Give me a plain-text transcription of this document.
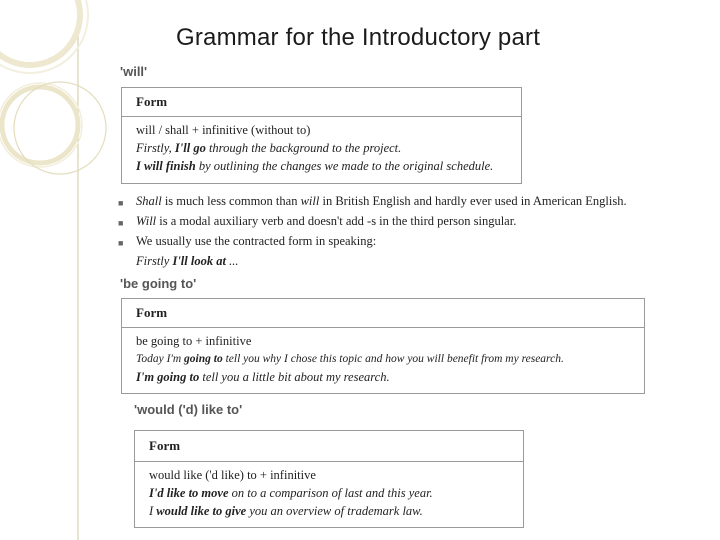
Grammar for the Introductory part
'will'
Form
will / shall + infinitive (without to)
Firstly, I'll go through the background to the project.
I will finish by outlining the changes we made to the original schedule.
■	Shall is much less common than will in British English and hardly ever used in American English.
■	Will is a modal auxiliary verb and doesn't add -s in the third person singular.
■	We usually use the contracted form in speaking:
Firstly I'll look at ...
'be going to'
Form
be going to + infinitive
Today I'm going to tell you why I chose this topic and how you will benefit from my research.
I'm going to tell you a little bit about my research.
'would ('d) like to'
Form
would like ('d like) to + infinitive
I'd like to move on to a comparison of last and this year.
I would like to give you an overview of trademark law.
